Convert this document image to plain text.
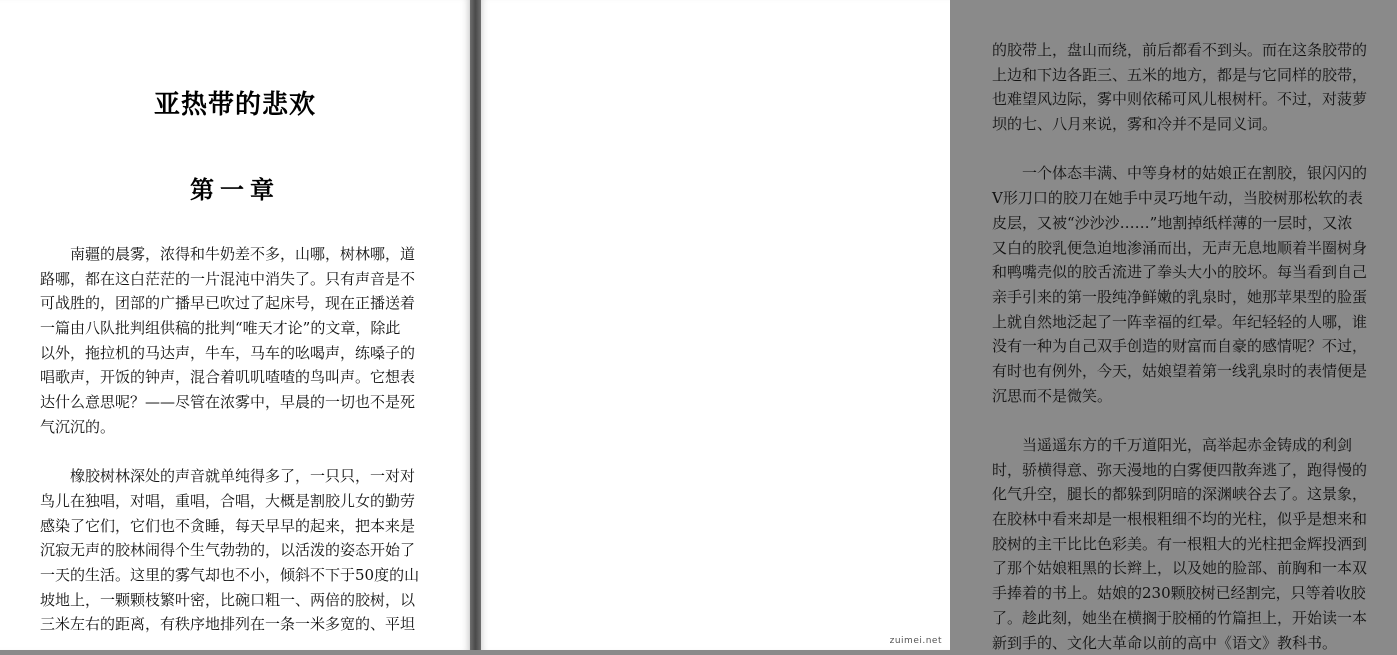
亚热带的悲欢
第一章
　　南疆的晨雾，浓得和牛奶差不多，山哪，树林哪，道
路哪，都在这白茫茫的一片混沌中消失了。只有声音是不
可战胜的，团部的广播早已吹过了起床号，现在正播送着
一篇由八队批判组供稿的批判“唯天才论”的文章，除此
以外，拖拉机的马达声，牛车，马车的吆喝声，练嗓子的
唱歌声，开饭的钟声，混合着叽叽喳喳的鸟叫声。它想表
达什么意思呢？——尽管在浓雾中，早晨的一切也不是死
气沉沉的。
　　橡胶树林深处的声音就单纯得多了，一只只，一对对
鸟儿在独唱，对唱，重唱，合唱，大概是割胶儿女的勤劳
感染了它们，它们也不贪睡，每天早早的起来，把本来是
沉寂无声的胶林闹得个生气勃勃的，以活泼的姿态开始了
一天的生活。这里的雾气却也不小，倾斜不下于50度的山
坡地上，一颗颗枝繁叶密，比碗口粗一、两倍的胶树，以
三米左右的距离，有秩序地排列在一条一米多宽的、平坦
的胶带上，盘山而绕，前后都看不到头。而在这条胶带的
上边和下边各距三、五米的地方，都是与它同样的胶带，
也难望风边际，雾中则依稀可风儿根树杆。不过，对菠萝
坝的七、八月来说，雾和冷并不是同义词。
　　一个体态丰满、中等身材的姑娘正在割胶，银闪闪的
V形刀口的胶刀在她手中灵巧地午动，当胶树那松软的表
皮层，又被“沙沙沙……”地割掉纸样薄的一层时，又浓
又白的胶乳便急迫地渗涌而出，无声无息地顺着半圈树身
和鸭嘴壳似的胶舌流进了拳头大小的胶坏。每当看到自己
亲手引来的第一股纯净鲜嫩的乳泉时，她那苹果型的脸蛋
上就自然地泛起了一阵幸福的红晕。年纪轻轻的人哪，谁
没有一种为自己双手创造的财富而自豪的感情呢？不过，
有时也有例外，今天，姑娘望着第一线乳泉时的表情便是
沉思而不是微笑。
　　当遥遥东方的千万道阳光，高举起赤金铸成的利剑
时，骄横得意、弥天漫地的白雾便四散奔逃了，跑得慢的
化气升空，腿长的都躲到阴暗的深渊峡谷去了。这景象，
在胶林中看来却是一根根粗细不均的光柱，似乎是想来和
胶树的主干比比色彩美。有一根粗大的光柱把金辉投洒到
了那个姑娘粗黑的长辫上，以及她的脸部、前胸和一本双
手捧着的书上。姑娘的230颗胶树已经割完，只等着收胶
了。趁此刻，她坐在横搁于胶桶的竹篇担上，开始读一本
新到手的、文化大革命以前的高中《语文》教科书。
zuimei.net
